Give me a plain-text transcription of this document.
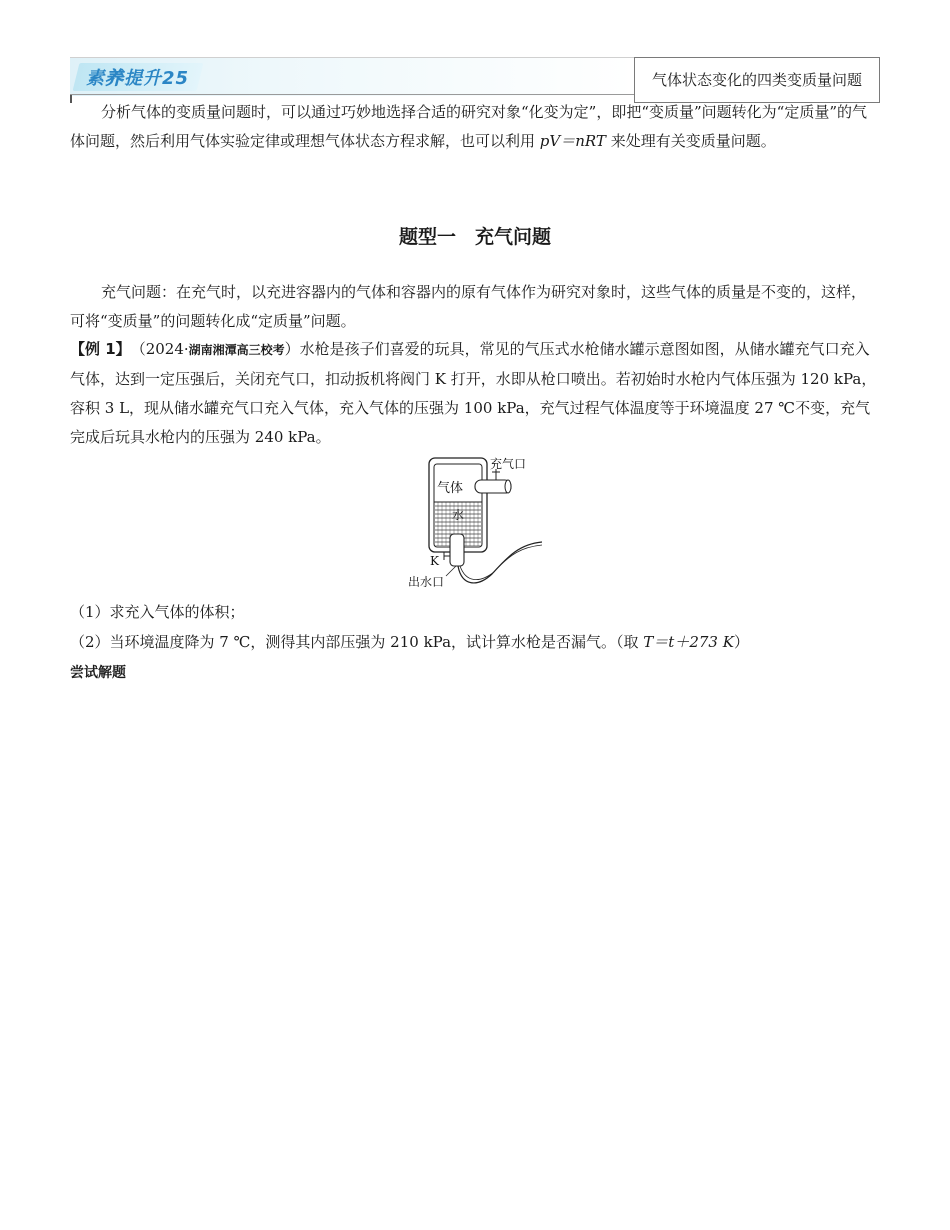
素养提升25	气体状态变化的四类变质量问题

分析气体的变质量问题时，可以通过巧妙地选择合适的研究对象“化变为定”，即把“变质量”问题转化为“定质量”的气体问题，然后利用气体实验定律或理想气体状态方程求解，也可以利用 pV＝nRT 来处理有关变质量问题。

题型一　充气问题

充气问题：在充气时，以充进容器内的气体和容器内的原有气体作为研究对象时，这些气体的质量是不变的，这样，可将“变质量”的问题转化成“定质量”问题。

【例 1】　 （2024·湖南湘潭高三校考）水枪是孩子们喜爱的玩具，常见的气压式水枪储水罐示意图如图，从储水罐充气口充入气体，达到一定压强后，关闭充气口，扣动扳机将阀门 K 打开，水即从枪口喷出。若初始时水枪内气体压强为 120 kPa，容积 3 L，现从储水罐充气口充入气体，充入气体的压强为 100 kPa，充气过程气体温度等于环境温度 27 ℃不变，充气完成后玩具水枪内的压强为 240 kPa。

充气口
气体
水
K
出水口

（1）求充入气体的体积；

（2）当环境温度降为 7 ℃，测得其内部压强为 210 kPa，试计算水枪是否漏气。（取 T＝t＋273 K）

尝试解题
